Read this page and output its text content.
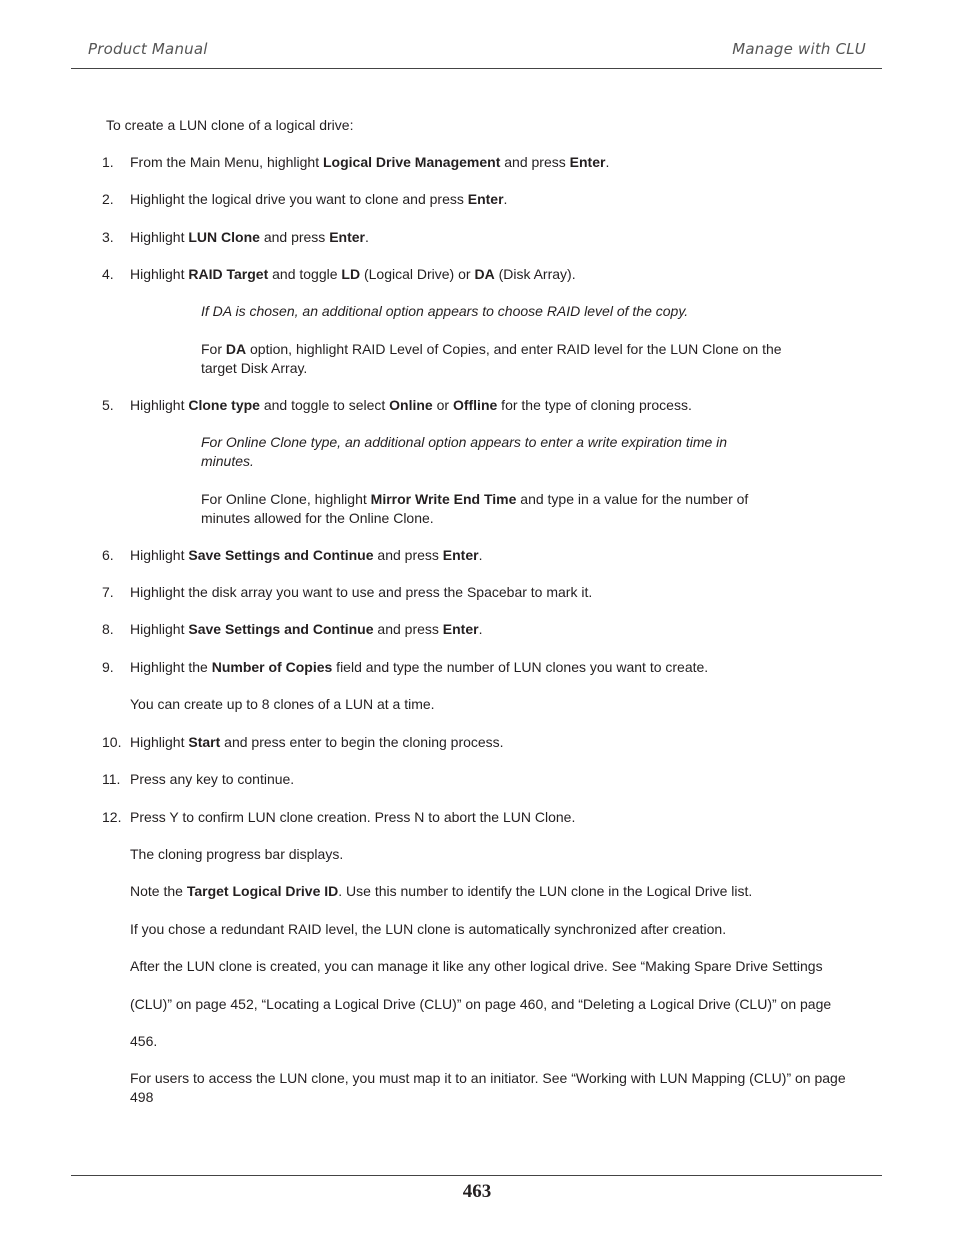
Product Manual	Manage with CLU
To create a LUN clone of a logical drive:
1. From the Main Menu, highlight Logical Drive Management and press Enter.
2. Highlight the logical drive you want to clone and press Enter.
3. Highlight LUN Clone and press Enter.
4. Highlight RAID Target and toggle LD (Logical Drive) or DA (Disk Array).
If DA is chosen, an additional option appears to choose RAID level of the copy.
For DA option, highlight RAID Level of Copies, and enter RAID level for the LUN Clone on the
target Disk Array.
5. Highlight Clone type and toggle to select Online or Offline for the type of cloning process.
For Online Clone type, an additional option appears to enter a write expiration time in
minutes.
For Online Clone, highlight Mirror Write End Time and type in a value for the number of
minutes allowed for the Online Clone.
6. Highlight Save Settings and Continue and press Enter.
7. Highlight the disk array you want to use and press the Spacebar to mark it.
8. Highlight Save Settings and Continue and press Enter.
9. Highlight the Number of Copies field and type the number of LUN clones you want to create.
You can create up to 8 clones of a LUN at a time.
10. Highlight Start and press enter to begin the cloning process.
11. Press any key to continue.
12. Press Y to confirm LUN clone creation. Press N to abort the LUN Clone.
The cloning progress bar displays.
Note the Target Logical Drive ID. Use this number to identify the LUN clone in the Logical Drive list.
If you chose a redundant RAID level, the LUN clone is automatically synchronized after creation.
After the LUN clone is created, you can manage it like any other logical drive. See “Making Spare Drive Settings
(CLU)” on page 452, “Locating a Logical Drive (CLU)” on page 460, and “Deleting a Logical Drive (CLU)” on page
456.
For users to access the LUN clone, you must map it to an initiator. See “Working with LUN Mapping (CLU)” on page
498
463
